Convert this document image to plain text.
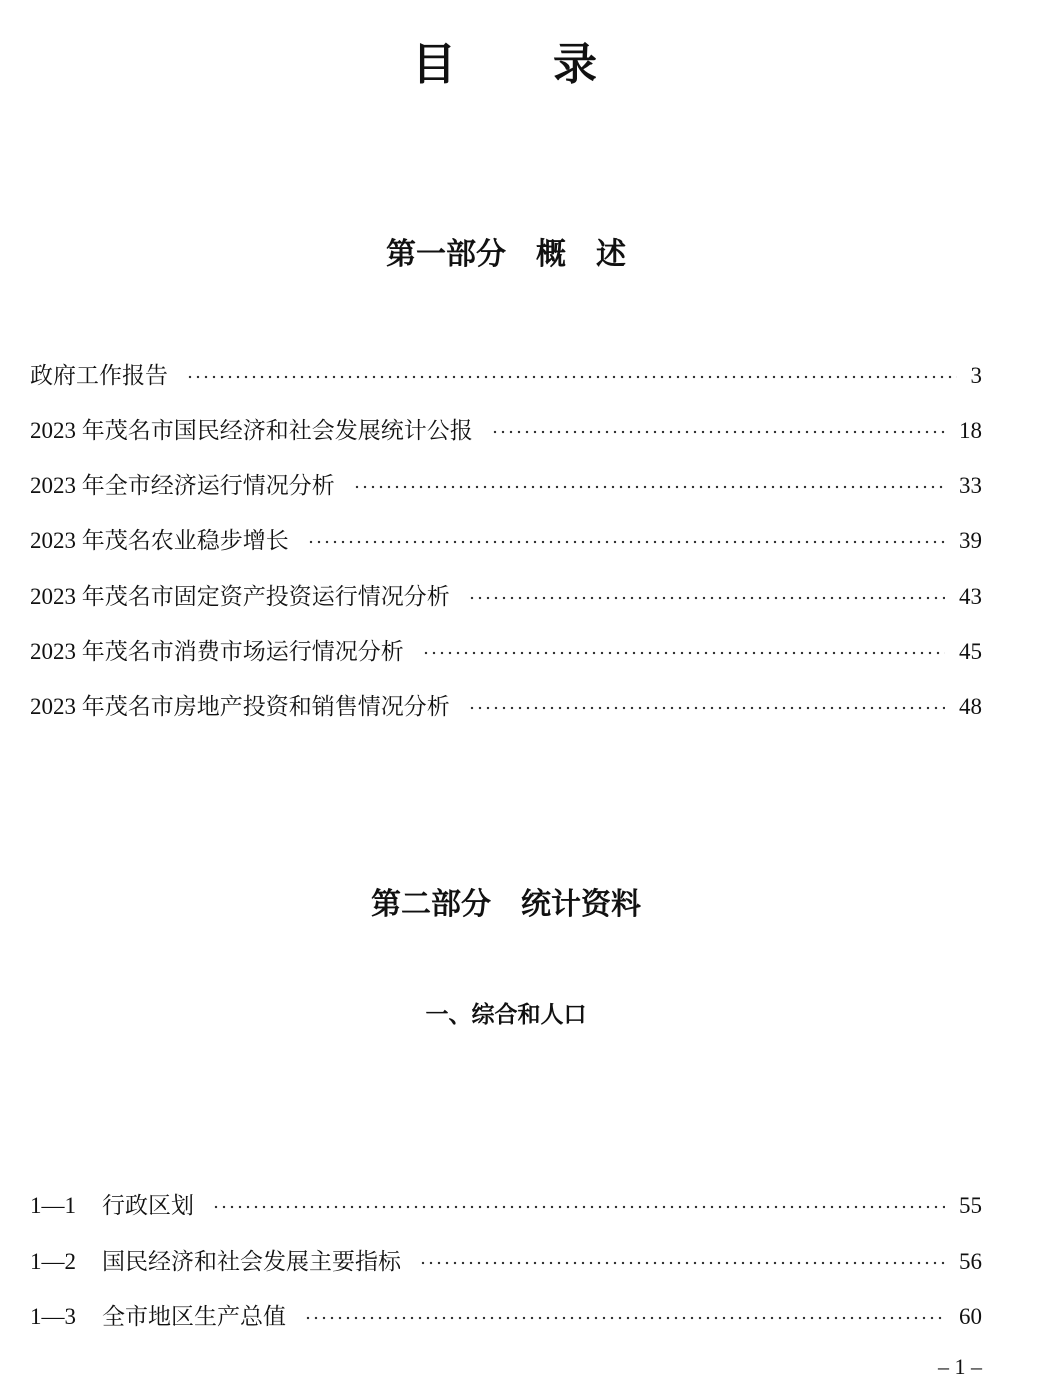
目　　录
第一部分　概　述
政府工作报告	3
2023 年茂名市国民经济和社会发展统计公报	18
2023 年全市经济运行情况分析	33
2023 年茂名农业稳步增长	39
2023 年茂名市固定资产投资运行情况分析	43
2023 年茂名市消费市场运行情况分析	45
2023 年茂名市房地产投资和销售情况分析	48
第二部分　统计资料
一、综合和人口
1—1	行政区划	55
1—2	国民经济和社会发展主要指标	56
1—3	全市地区生产总值	60
– 1 –
